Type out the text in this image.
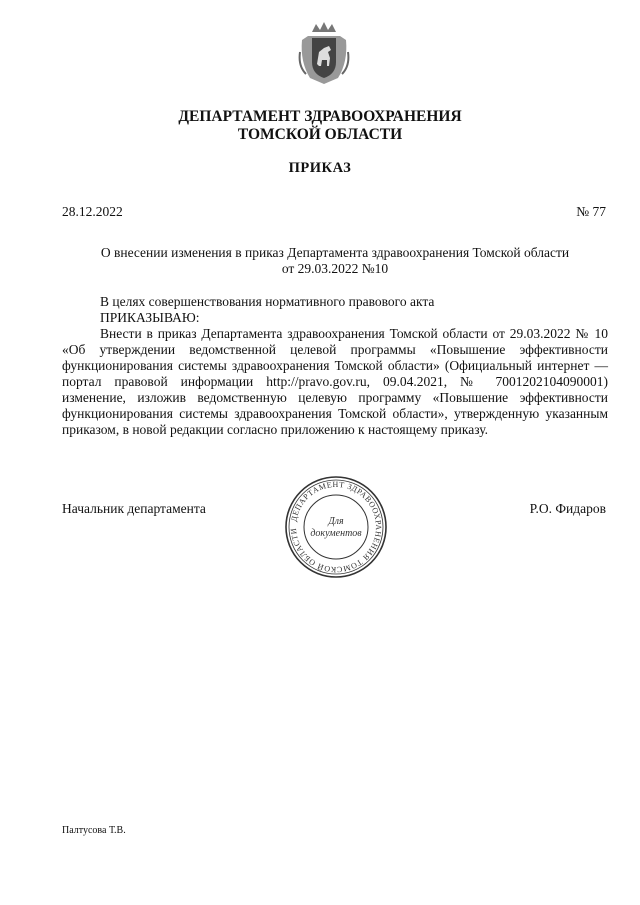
ДЕПАРТАМЕНТ ЗДРАВООХРАНЕНИЯ
ТОМСКОЙ ОБЛАСТИ
ПРИКАЗ
28.12.2022	№ 77
О внесении изменения в приказ Департамента здравоохранения Томской области
от 29.03.2022 №10

В целях совершенствования нормативного правового акта

ПРИКАЗЫВАЮ:

Внести в приказ Департамента здравоохранения Томской области от 29.03.2022 № 10 «Об утверждении ведомственной целевой программы «Повышение эффективности функционирования системы здравоохранения Томской области» (Официальный интернет — портал правовой информации http://pravo.gov.ru, 09.04.2021, № 7001202104090001) изменение, изложив ведомственную целевую программу «Повышение эффективности функционирования системы здравоохранения Томской области», утвержденную указанным приказом, в новой редакции согласно приложению к настоящему приказу.

Начальник департамента
ДЕПАРТАМЕНТ ЗДРАВООХРАНЕНИЯ ТОМСКОЙ ОБЛАСТИ
Для
документов
Р.О. Фидаров
Палтусова Т.В.
